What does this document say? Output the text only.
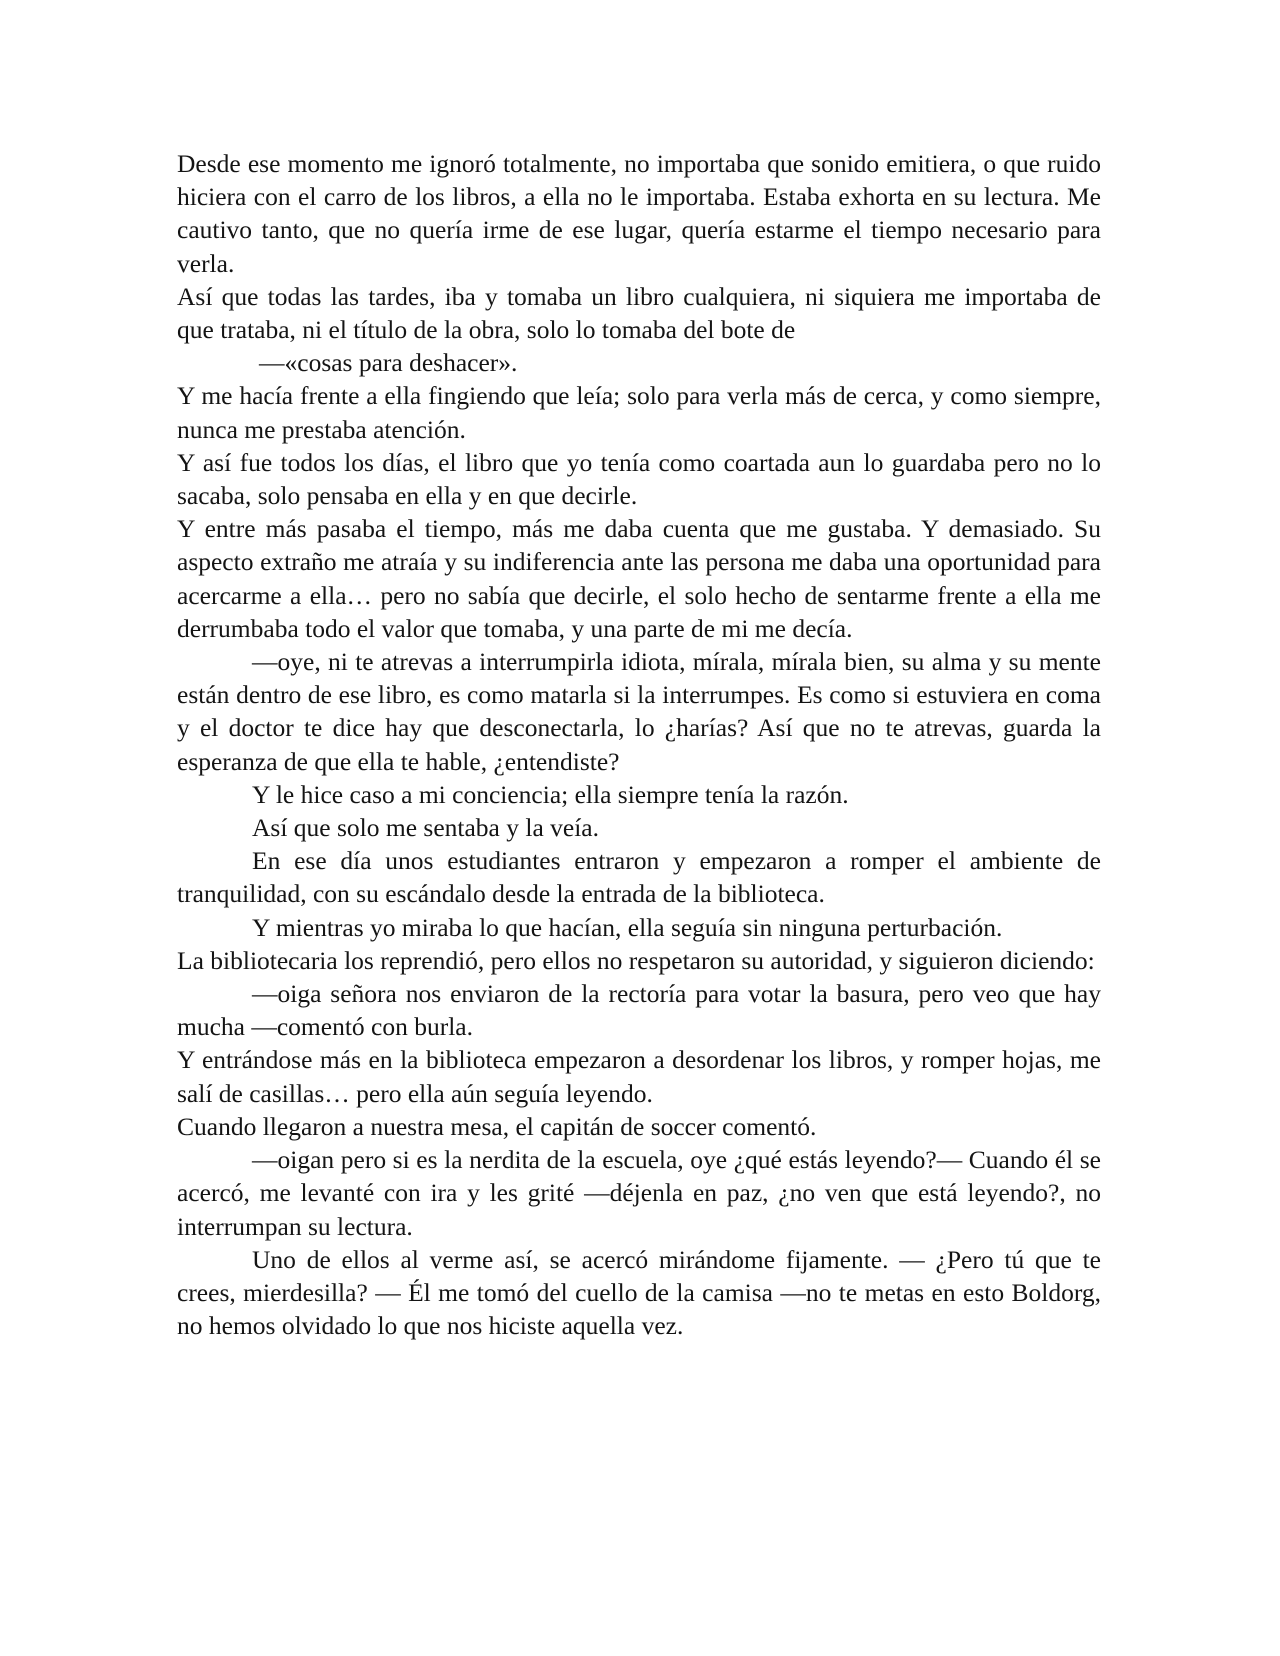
Desde ese momento me ignoró totalmente, no importaba que sonido emitiera, o que ruido hiciera con el carro de los libros, a ella no le importaba. Estaba exhorta en su lectura. Me cautivo tanto, que no quería irme de ese lugar, quería estarme el tiempo necesario para verla.

Así que todas las tardes, iba y tomaba un libro cualquiera, ni siquiera me importaba de que trataba, ni el título de la obra, solo lo tomaba del bote de

—«cosas para deshacer».

Y me hacía frente a ella fingiendo que leía; solo para verla más de cerca, y como siempre, nunca me prestaba atención.

Y así fue todos los días, el libro que yo tenía como coartada aun lo guardaba pero no lo sacaba, solo pensaba en ella y en que decirle.

Y entre más pasaba el tiempo, más me daba cuenta que me gustaba. Y demasiado. Su aspecto extraño me atraía y su indiferencia ante las persona me daba una oportunidad para acercarme a ella… pero no sabía que decirle, el solo hecho de sentarme frente a ella me derrumbaba todo el valor que tomaba, y una parte de mi me decía.

—oye, ni te atrevas a interrumpirla idiota, mírala, mírala bien, su alma y su mente están dentro de ese libro, es como matarla si la interrumpes. Es como si estuviera en coma y el doctor te dice hay que desconectarla, lo ¿harías? Así que no te atrevas, guarda la esperanza de que ella te hable, ¿entendiste?

Y le hice caso a mi conciencia; ella siempre tenía la razón.

Así que solo me sentaba y la veía.

En ese día unos estudiantes entraron y empezaron a romper el ambiente de tranquilidad, con su escándalo desde la entrada de la biblioteca.

Y mientras yo miraba lo que hacían, ella seguía sin ninguna perturbación.

La bibliotecaria los reprendió, pero ellos no respetaron su autoridad, y siguieron diciendo:

—oiga señora nos enviaron de la rectoría para votar la basura, pero veo que hay mucha —comentó con burla.

Y entrándose más en la biblioteca empezaron a desordenar los libros, y romper hojas, me salí de casillas… pero ella aún seguía leyendo.

Cuando llegaron a nuestra mesa, el capitán de soccer comentó.

—oigan pero si es la nerdita de la escuela, oye ¿qué estás leyendo?— Cuando él se acercó, me levanté con ira y les grité —déjenla en paz, ¿no ven que está leyendo?, no interrumpan su lectura.

Uno de ellos al verme así, se acercó mirándome fijamente. — ¿Pero tú que te crees, mierdesilla? — Él me tomó del cuello de la camisa —no te metas en esto Boldorg, no hemos olvidado lo que nos hiciste aquella vez.
